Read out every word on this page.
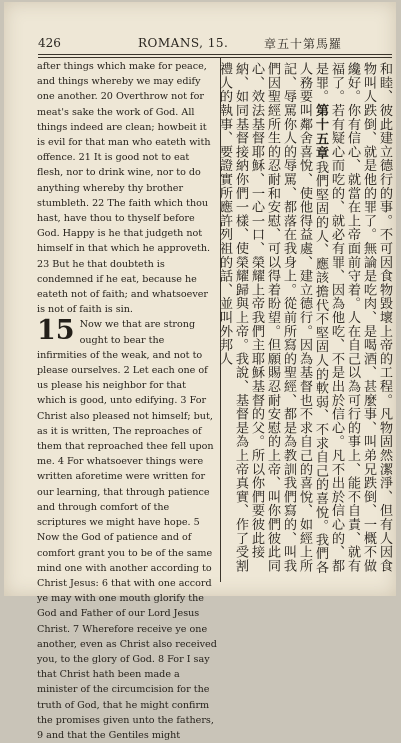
426	ROMANS, 15.	章五十第馬羅

after things which make for peace, and things whereby we may edify one another. 20 Overthrow not for meat's sake the work of God. All things indeed are clean; howbeit it is evil for that man who eateth with offence. 21 It is good not to eat flesh, nor to drink wine, nor to do anything whereby thy brother stumbleth. 22 The faith which thou hast, have thou to thyself before God. Happy is he that judgeth not himself in that which he approveth. 23 But he that doubteth is condemned if he eat, because he eateth not of faith; and whatsoever is not of faith is sin.

15 Now we that are strong ought to bear the infirmities of the weak, and not to please ourselves. 2 Let each one of us please his neighbor for that which is good, unto edifying. 3 For Christ also pleased not himself; but, as it is written, The reproaches of them that reproached thee fell upon me. 4 For whatsoever things were written aforetime were written for our learning, that through patience and through comfort of the scriptures we might have hope. 5 Now the God of patience and of comfort grant you to be of the same mind one with another according to Christ Jesus: 6 that with one accord ye may with one mouth glorify the God and Father of our Lord Jesus Christ. 7 Wherefore receive ye one another, even as Christ also received you, to the glory of God. 8 For I say that Christ hath been made a minister of the circumcision for the truth of God, that he might confirm the promises given unto the fathers, 9 and that the Gentiles might

和睦、彼此建立德行的事。不可因食物毀壞上帝的工程。凡物固然潔淨、但有人因食物叫人跌倒、就是他的罪了。無論是吃肉、是喝酒、甚麼事、叫弟兄跌倒、一概不做纔好。你有信心、就當在上帝面前守着。人在自己以為可行的事上、能不自責、就有福了。若有疑心而吃的、就必有罪、因為他吃、不是出於信心。凡不出於信心的、都是罪。第十五章我們堅固的人、應該擔代不堅固人的軟弱、不求自己的喜悅。我們各人務要叫鄰舍喜悅、使他得益處、建立德行。因為基督也不求自己的喜悅、如經上所記、辱罵你人的辱罵、都落在我身上。從前所寫的聖經、都是為教訓我們寫的、叫我們因聖經所生的忍耐和安慰、可以得着盼望。但願賜忍耐安慰的上帝、叫你們彼此同心、效法基督耶穌、一心一口、榮耀上帝我們主耶穌基督的父。所以你們要彼此接納、如同基督接納你們一樣、使榮耀歸與上帝。我說、基督是為上帝真實、作了受割禮人的執事、要證實所應許列祖的話、並叫外邦人
